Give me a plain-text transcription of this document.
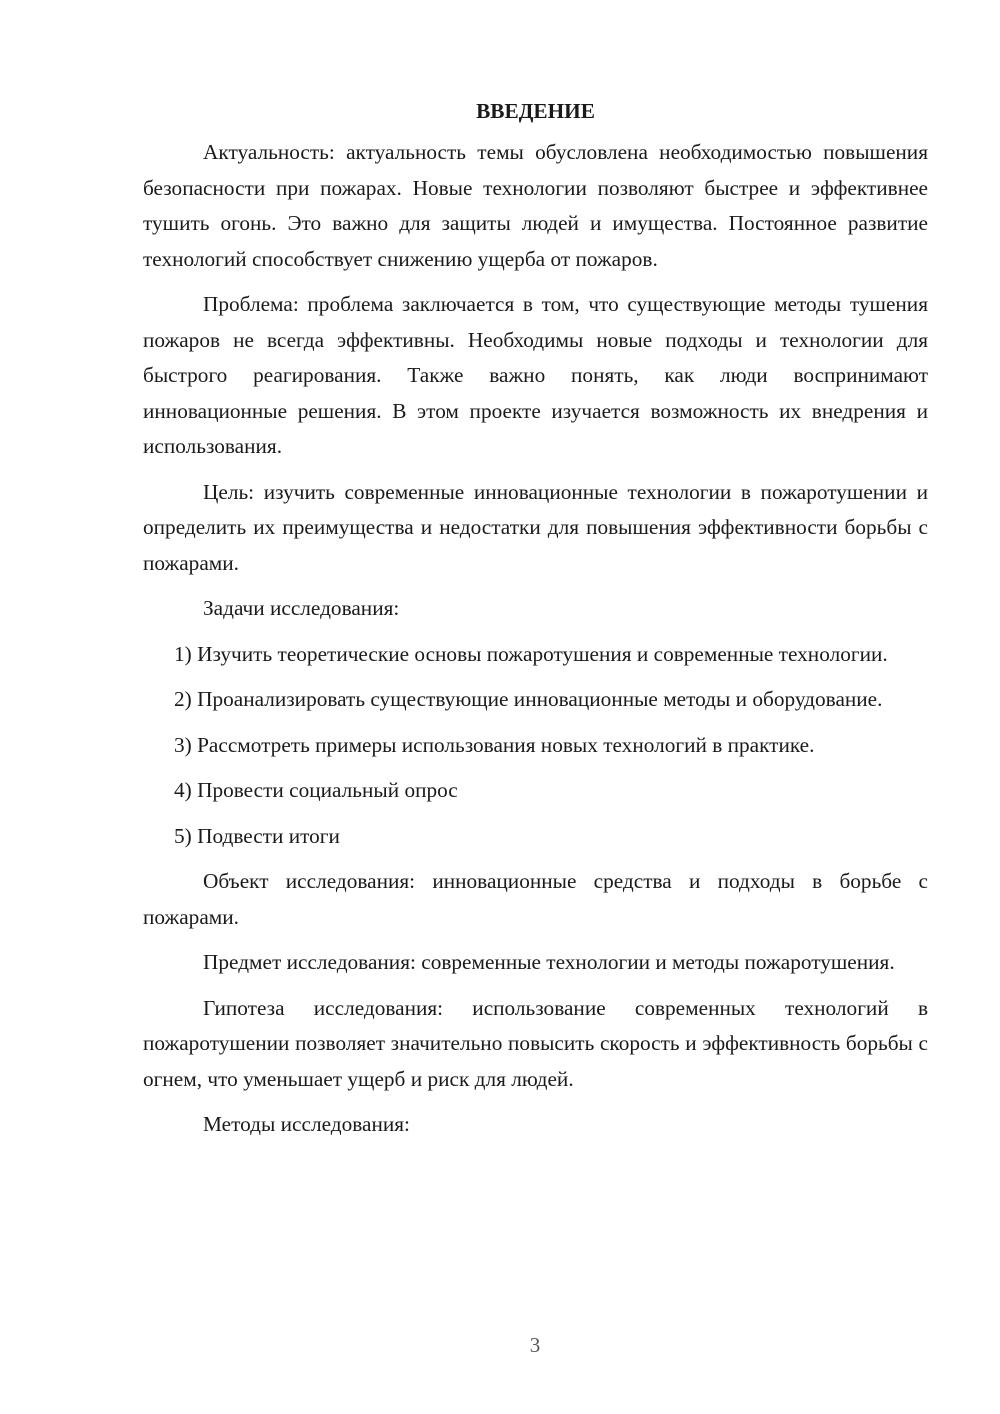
ВВЕДЕНИЕ

Актуальность: актуальность темы обусловлена необходимостью повышения безопасности при пожарах. Новые технологии позволяют быстрее и эффективнее тушить огонь. Это важно для защиты людей и имущества. Постоянное развитие технологий способствует снижению ущерба от пожаров.

Проблема: проблема заключается в том, что существующие методы тушения пожаров не всегда эффективны. Необходимы новые подходы и технологии для быстрого реагирования. Также важно понять, как люди воспринимают инновационные решения. В этом проекте изучается возможность их внедрения и использования.

Цель: изучить современные инновационные технологии в пожаротушении и определить их преимущества и недостатки для повышения эффективности борьбы с пожарами.

Задачи исследования:

1) Изучить теоретические основы пожаротушения и современные технологии.

2) Проанализировать существующие инновационные методы и оборудование.

3) Рассмотреть примеры использования новых технологий в практике.

4) Провести социальный опрос

5) Подвести итоги

Объект исследования: инновационные средства и подходы в борьбе с пожарами.

Предмет исследования: современные технологии и методы пожаротушения.

Гипотеза исследования: использование современных технологий в пожаротушении позволяет значительно повысить скорость и эффективность борьбы с огнем, что уменьшает ущерб и риск для людей.

Методы исследования:

3
